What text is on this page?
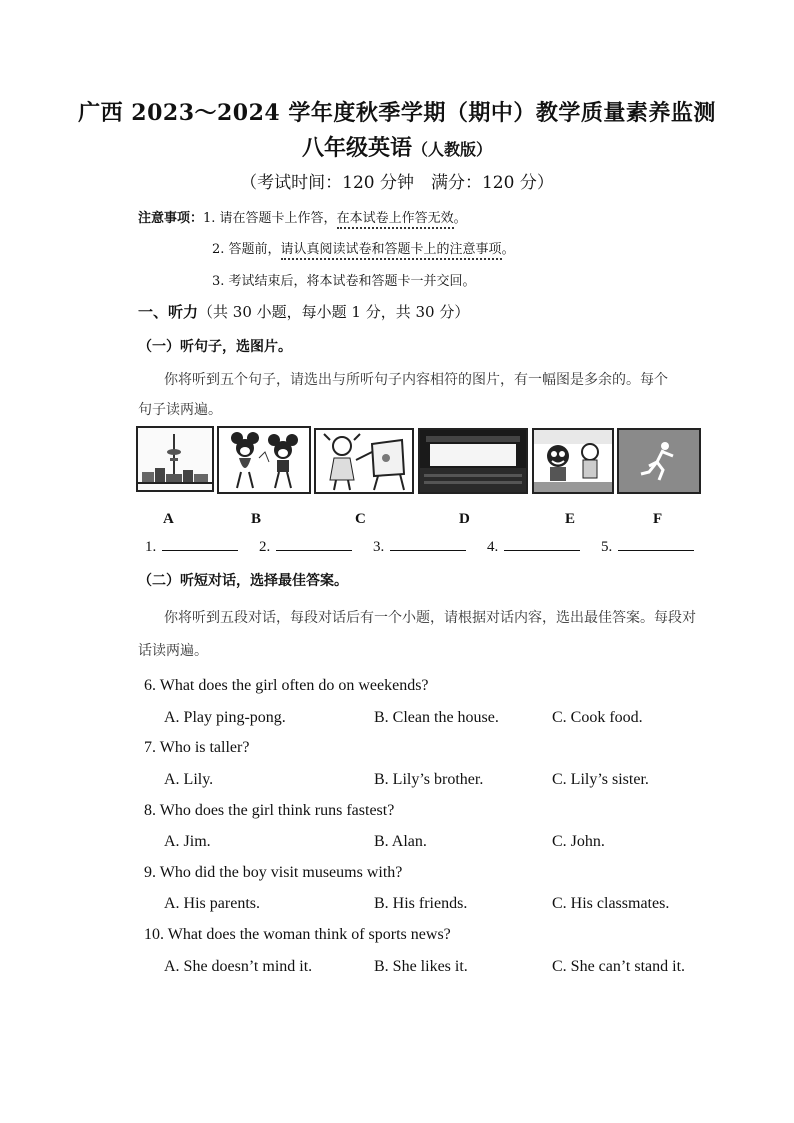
广西 2023～2024 学年度秋季学期（期中）教学质量素养监测
八年级英语（人教版）
（考试时间：120 分钟　满分：120 分）
注意事项：1. 请在答题卡上作答，在本试卷上作答无效。
2. 答题前，请认真阅读试卷和答题卡上的注意事项。
3. 考试结束后，将本试卷和答题卡一并交回。
一、听力（共 30 小题，每小题 1 分，共 30 分）
（一）听句子，选图片。
你将听到五个句子，请选出与所听句子内容相符的图片，有一幅图是多余的。每个
句子读两遍。
A	B	C	D	E	F
1.	2.	3.	4.	5.
（二）听短对话，选择最佳答案。
你将听到五段对话，每段对话后有一个小题，请根据对话内容，选出最佳答案。每段对
话读两遍。
6. What does the girl often do on weekends?
A. Play ping-pong.	B. Clean the house.	C. Cook food.
7. Who is taller?
A. Lily.	B. Lily’s brother.	C. Lily’s sister.
8. Who does the girl think runs fastest?
A. Jim.	B. Alan.	C. John.
9. Who did the boy visit museums with?
A. His parents.	B. His friends.	C. His classmates.
10. What does the woman think of sports news?
A. She doesn’t mind it.	B. She likes it.	C. She can’t stand it.
